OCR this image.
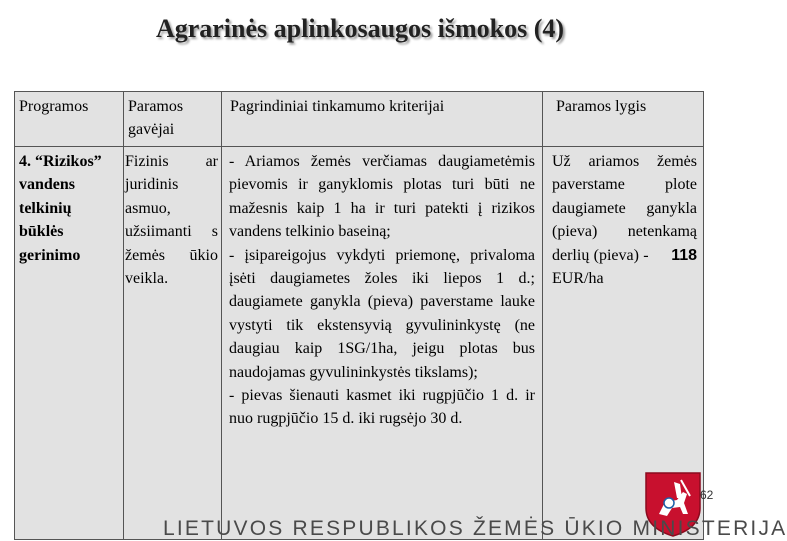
Agrarinės aplinkosaugos išmokos (4)
Programos	Paramos gavėjai
Pagrindiniai tinkamumo kriterijai	Paramos lygis
4. “Rizikos” vandens telkinių būklės gerinimo
Fizinis ar juridinis asmuo, užsiimanti s žemės ūkio veikla.
- Ariamos žemės verčiamas daugiametėmis pievomis ir ganyklomis plotas turi būti ne mažesnis kaip 1 ha ir turi patekti į rizikos vandens telkinio baseiną;
- įsipareigojus vykdyti priemonę, privaloma įsėti daugiametes žoles iki liepos 1 d.; daugiamete ganykla (pieva) paverstame lauke vystyti tik ekstensyvią gyvulininkystę (ne daugiau kaip 1SG/1ha, jeigu plotas bus naudojamas gyvulininkystės tikslams);
- pievas šienauti kasmet iki rugpjūčio 1 d. ir nuo rugpjūčio 15 d. iki rugsėjo 30 d.
Už ariamos žemės paverstame plote daugiamete ganykla (pieva) netenkamą derlių (pieva) - 118 EUR/ha
62
LIETUVOS RESPUBLIKOS ŽEMĖS ŪKIO MINISTERIJA
